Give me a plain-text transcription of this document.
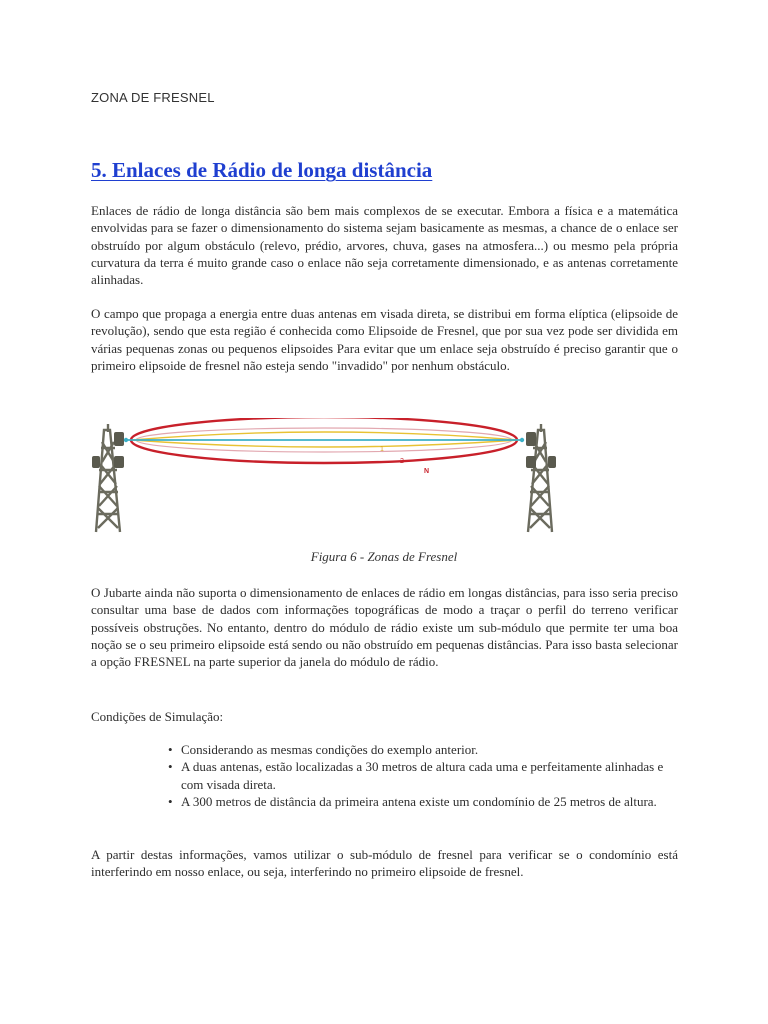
ZONA DE FRESNEL
5. Enlaces de Rádio de longa distância

Enlaces de rádio de longa distância são bem mais complexos de se executar. Embora a física e a matemática envolvidas para se fazer o dimensionamento do sistema sejam basicamente as mesmas, a chance de o enlace ser obstruído por algum obstáculo (relevo, prédio, arvores, chuva, gases na atmosfera...) ou mesmo pela própria curvatura da terra é muito grande caso o enlace não seja corretamente dimensionado, e as antenas corretamente alinhadas.

O campo que propaga a energia entre duas antenas em visada direta, se distribui em forma elíptica (elipsoide de revolução), sendo que esta região é conhecida como Elipsoide de Fresnel, que por sua vez pode ser dividida em várias pequenas zonas ou pequenos elipsoides Para evitar que um enlace seja obstruído é preciso garantir que o primeiro elipsoide de fresnel não esteja sendo "invadido" por nenhum obstáculo.

1
2
N
Figura 6 - Zonas de Fresnel

O Jubarte ainda não suporta o dimensionamento de enlaces de rádio em longas distâncias, para isso seria preciso consultar uma base de dados com informações topográficas de modo a traçar o perfil do terreno verificar possíveis obstruções. No entanto, dentro do módulo de rádio existe um sub-módulo que permite ter uma boa noção se o seu primeiro elipsoide está sendo ou não obstruído em pequenas distâncias. Para isso basta selecionar a opção FRESNEL na parte superior da janela do módulo de rádio.

Condições de Simulação:

• Considerando as mesmas condições do exemplo anterior.
• A duas antenas, estão localizadas a 30 metros de altura cada uma e perfeitamente alinhadas e com visada direta.
• A 300 metros de distância da primeira antena existe um condomínio de 25 metros de altura.

A partir destas informações, vamos utilizar o sub-módulo de fresnel para verificar se o condomínio está interferindo em nosso enlace, ou seja, interferindo no primeiro elipsoide de fresnel.
